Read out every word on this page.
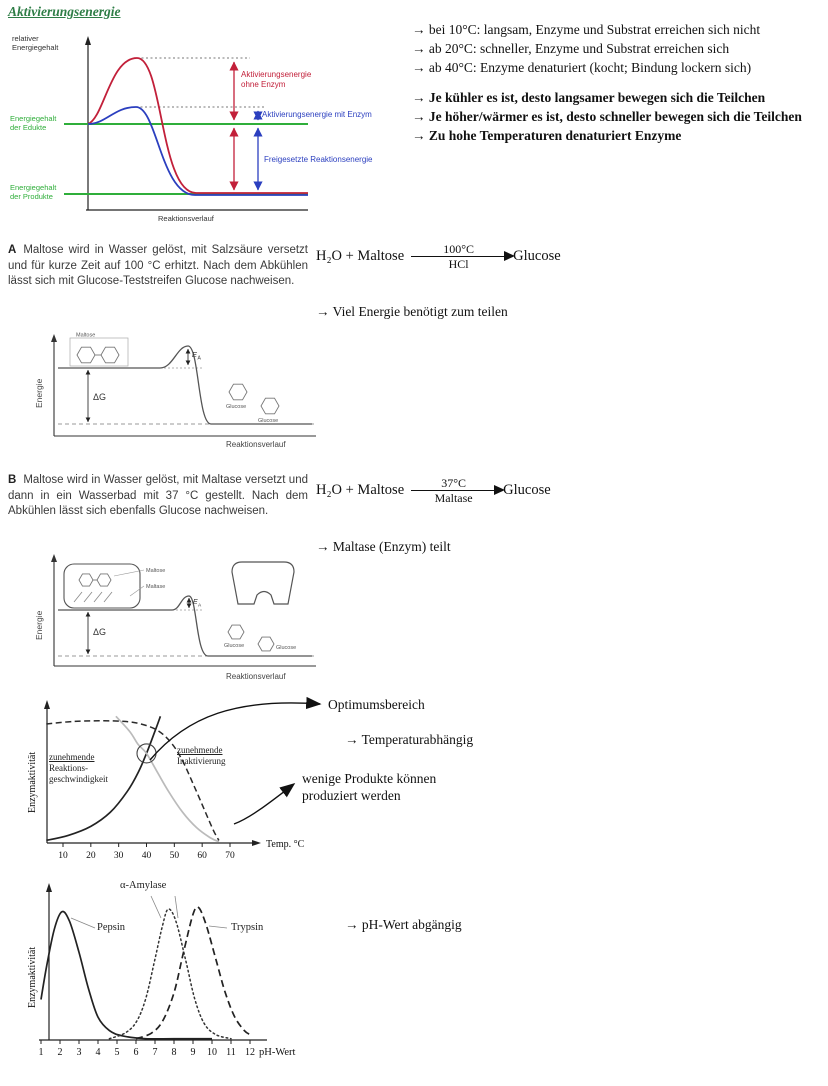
Aktivierungsenergie
relativer
Energiegehalt
Energiegehalt
der Edukte
Energiegehalt
der Produkte
Aktivierungsenergie
ohne Enzym
Aktivierungsenergie mit Enzym
Freigesetzte Reaktionsenergie
Reaktionsverlauf
→ bei 10°C: langsam, Enzyme und Substrat erreichen sich nicht
→ ab 20°C: schneller, Enzyme und Substrat erreichen sich
→ ab 40°C: Enzyme denaturiert (kocht; Bindung lockern sich)
→ Je kühler es ist, desto langsamer bewegen sich die Teilchen
→ Je höher/wärmer es ist, desto schneller bewegen sich die Teilchen
→ Zu hohe Temperaturen denaturiert Enzyme
A Maltose wird in Wasser gelöst, mit Salzsäure versetzt und für kurze Zeit auf 100 °C erhitzt. Nach dem Abkühlen lässt sich mit Glucose-Teststreifen Glucose nachweisen.
H₂O + Maltose	100°C
HCl	Glucose
→ Viel Energie benötigt zum teilen
E A
ΔG
Maltose
Glucose
Glucose
Energie
Reaktionsverlauf
B Maltose wird in Wasser gelöst, mit Maltase versetzt und dann in ein Wasserbad mit 37 °C gestellt. Nach dem Abkühlen lässt sich ebenfalls Glucose nachweisen.
H₂O + Maltose	37°C
Maltase Glucose
→ Maltase (Enzym) teilt
E A
ΔG
Maltose
Maltase
Glucose	Glucose
Energie
Reaktionsverlauf
Temp. °C
Enzymaktivität
10 20 30 40 50 60 70
zunehmende
Reaktions-
geschwindigkeit
zunehmende
Inaktivierung
Optimumsbereich
→ Temperaturabhängig
wenige Produkte können
produziert werden
pH-Wert
Enzymaktivität
1 2 3 4 5 6 7 8 9 10 11 12
α-Amylase
Pepsin	Trypsin	→ pH-Wert abgängig
